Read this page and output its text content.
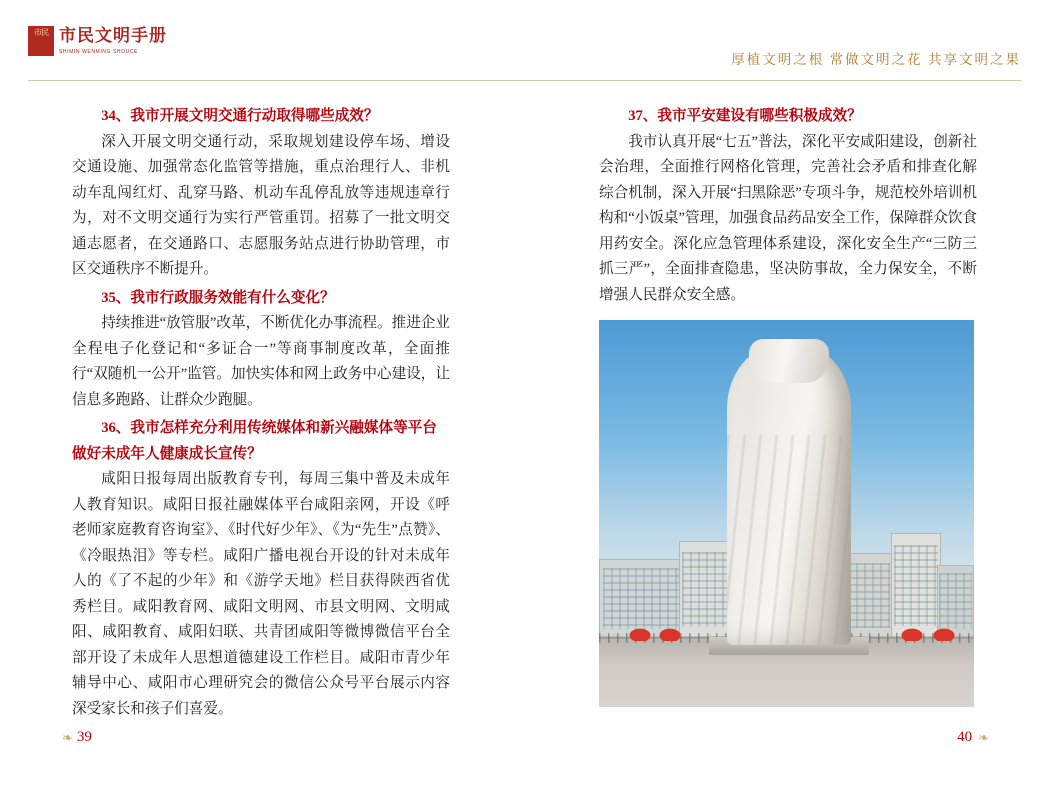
市民 市民文明手册
SHIMIN WENMING SHOUCE	厚植文明之根 常做文明之花 共享文明之果

34、我市开展文明交通行动取得哪些成效？

深入开展文明交通行动，采取规划建设停车场、增设交通设施、加强常态化监管等措施，重点治理行人、非机动车乱闯红灯、乱穿马路、机动车乱停乱放等违规违章行为，对不文明交通行为实行严管重罚。招募了一批文明交通志愿者，在交通路口、志愿服务站点进行协助管理，市区交通秩序不断提升。

35、我市行政服务效能有什么变化？

持续推进“放管服”改革，不断优化办事流程。推进企业全程电子化登记和“多证合一”等商事制度改革，全面推行“双随机一公开”监管。加快实体和网上政务中心建设，让信息多跑路、让群众少跑腿。

36、我市怎样充分利用传统媒体和新兴融媒体等平台做好未成年人健康成长宣传？

咸阳日报每周出版教育专刊，每周三集中普及未成年人教育知识。咸阳日报社融媒体平台咸阳亲网，开设《呼老师家庭教育咨询室》、《时代好少年》、《为“先生”点赞》、《冷眼热泪》等专栏。咸阳广播电视台开设的针对未成年人的《了不起的少年》和《游学天地》栏目获得陕西省优秀栏目。咸阳教育网、咸阳文明网、市县文明网、文明咸阳、咸阳教育、咸阳妇联、共青团咸阳等微博微信平台全部开设了未成年人思想道德建设工作栏目。咸阳市青少年辅导中心、咸阳市心理研究会的微信公众号平台展示内容深受家长和孩子们喜爱。

37、我市平安建设有哪些积极成效？

我市认真开展“七五”普法，深化平安咸阳建设，创新社会治理，全面推行网格化管理，完善社会矛盾和排查化解综合机制，深入开展“扫黑除恶”专项斗争，规范校外培训机构和“小饭桌”管理，加强食品药品安全工作，保障群众饮食用药安全。深化应急管理体系建设，深化安全生产“三防三抓三严”，全面排查隐患，坚决防事故，全力保安全，不断增强人民群众安全感。

❧ 39	40 ❧
